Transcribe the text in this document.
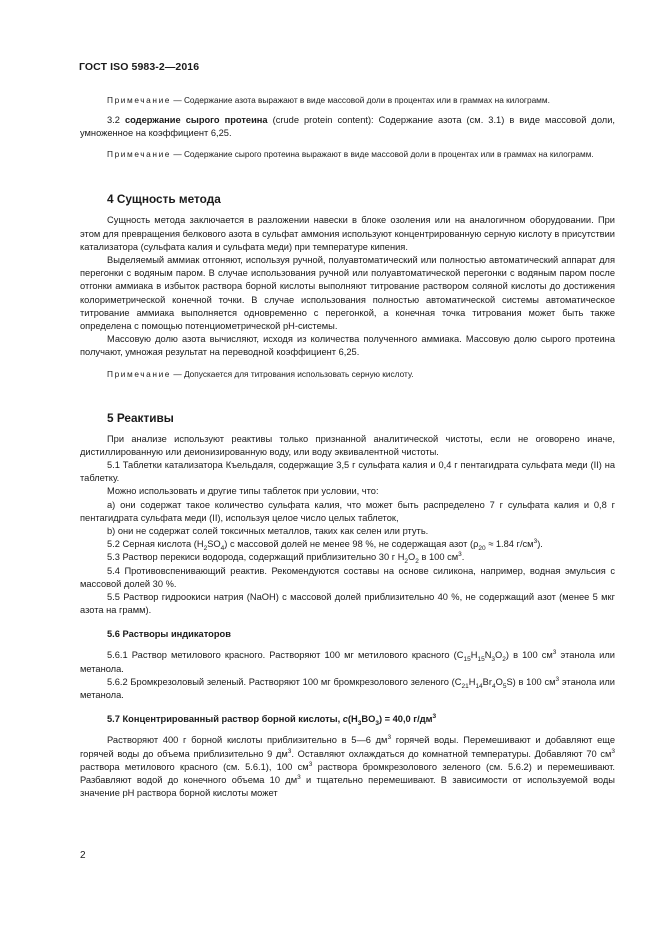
ГОСТ ISO 5983-2—2016

Примечание — Содержание азота выражают в виде массовой доли в процентах или в граммах на килограмм.

3.2 содержание сырого протеина (crude protein content): Содержание азота (см. 3.1) в виде массовой доли, умноженное на коэффициент 6,25.

Примечание — Содержание сырого протеина выражают в виде массовой доли в процентах или в граммах на килограмм.

4 Сущность метода

Сущность метода заключается в разложении навески в блоке озоления или на аналогичном оборудовании. При этом для превращения белкового азота в сульфат аммония используют концентрированную серную кислоту в присутствии катализатора (сульфата калия и сульфата меди) при температуре кипения.

Выделяемый аммиак отгоняют, используя ручной, полуавтоматический или полностью автоматический аппарат для перегонки с водяным паром. В случае использования ручной или полуавтоматической перегонки с водяным паром после отгонки аммиака в избыток раствора борной кислоты выполняют титрование раствором соляной кислоты до достижения колориметрической конечной точки. В случае использования полностью автоматической системы автоматическое титрование аммиака выполняется одновременно с перегонкой, а конечная точка титрования может быть также определена с помощью потенциометрической pH-системы.

Массовую долю азота вычисляют, исходя из количества полученного аммиака. Массовую долю сырого протеина получают, умножая результат на переводной коэффициент 6,25.

Примечание — Допускается для титрования использовать серную кислоту.

5 Реактивы

При анализе используют реактивы только признанной аналитической чистоты, если не оговорено иначе, дистиллированную или деионизированную воду, или воду эквивалентной чистоты.

5.1 Таблетки катализатора Къельдаля, содержащие 3,5 г сульфата калия и 0,4 г пентагидрата сульфата меди (II) на таблетку.

Можно использовать и другие типы таблеток при условии, что:

а) они содержат такое количество сульфата калия, что может быть распределено 7 г сульфата калия и 0,8 г пентагидрата сульфата меди (II), используя целое число целых таблеток,

b) они не содержат солей токсичных металлов, таких как селен или ртуть.

5.2 Серная кислота $(H_2SO_4)$ с массовой долей не менее 98 %, не содержащая азот ($\rho_{20} \approx 1.84$ $г/см^3$).

5.3 Раствор перекиси водорода, содержащий приблизительно 30 г $H_2O_2$ в 100 $см^3$.

5.4 Противовспенивающий реактив. Рекомендуются составы на основе силикона, например, водная эмульсия с массовой долей 30 %.

5.5 Раствор гидроокиси натрия (NaOH) с массовой долей приблизительно 40 %, не содержащий азот (менее 5 мкг азота на грамм).

5.6 Растворы индикаторов

5.6.1 Раствор метилового красного. Растворяют 100 мг метилового красного $(C_{15}H_{15}N_3O_2)$ в 100 $см^3$ этанола или метанола.

5.6.2 Бромкрезоловый зеленый. Растворяют 100 мг бромкрезолового зеленого $(C_{21}H_{14}Br_4O_5S)$ в 100 $см^3$ этанола или метанола.

5.7 Концентрированный раствор борной кислоты, $c(H_3BO_3) = 40,0$ $г/дм^3$

Растворяют 400 г борной кислоты приблизительно в 5—6 $дм^3$ горячей воды. Перемешивают и добавляют еще горячей воды до объема приблизительно 9 $дм^3$. Оставляют охлаждаться до комнатной температуры. Добавляют 70 $см^3$ раствора метилового красного (см. 5.6.1), 100 $см^3$ раствора бромкрезолового зеленого (см. 5.6.2) и перемешивают. Разбавляют водой до конечного объема 10 $дм^3$ и тщательно перемешивают. В зависимости от используемой воды значение pH раствора борной кислоты может

2
